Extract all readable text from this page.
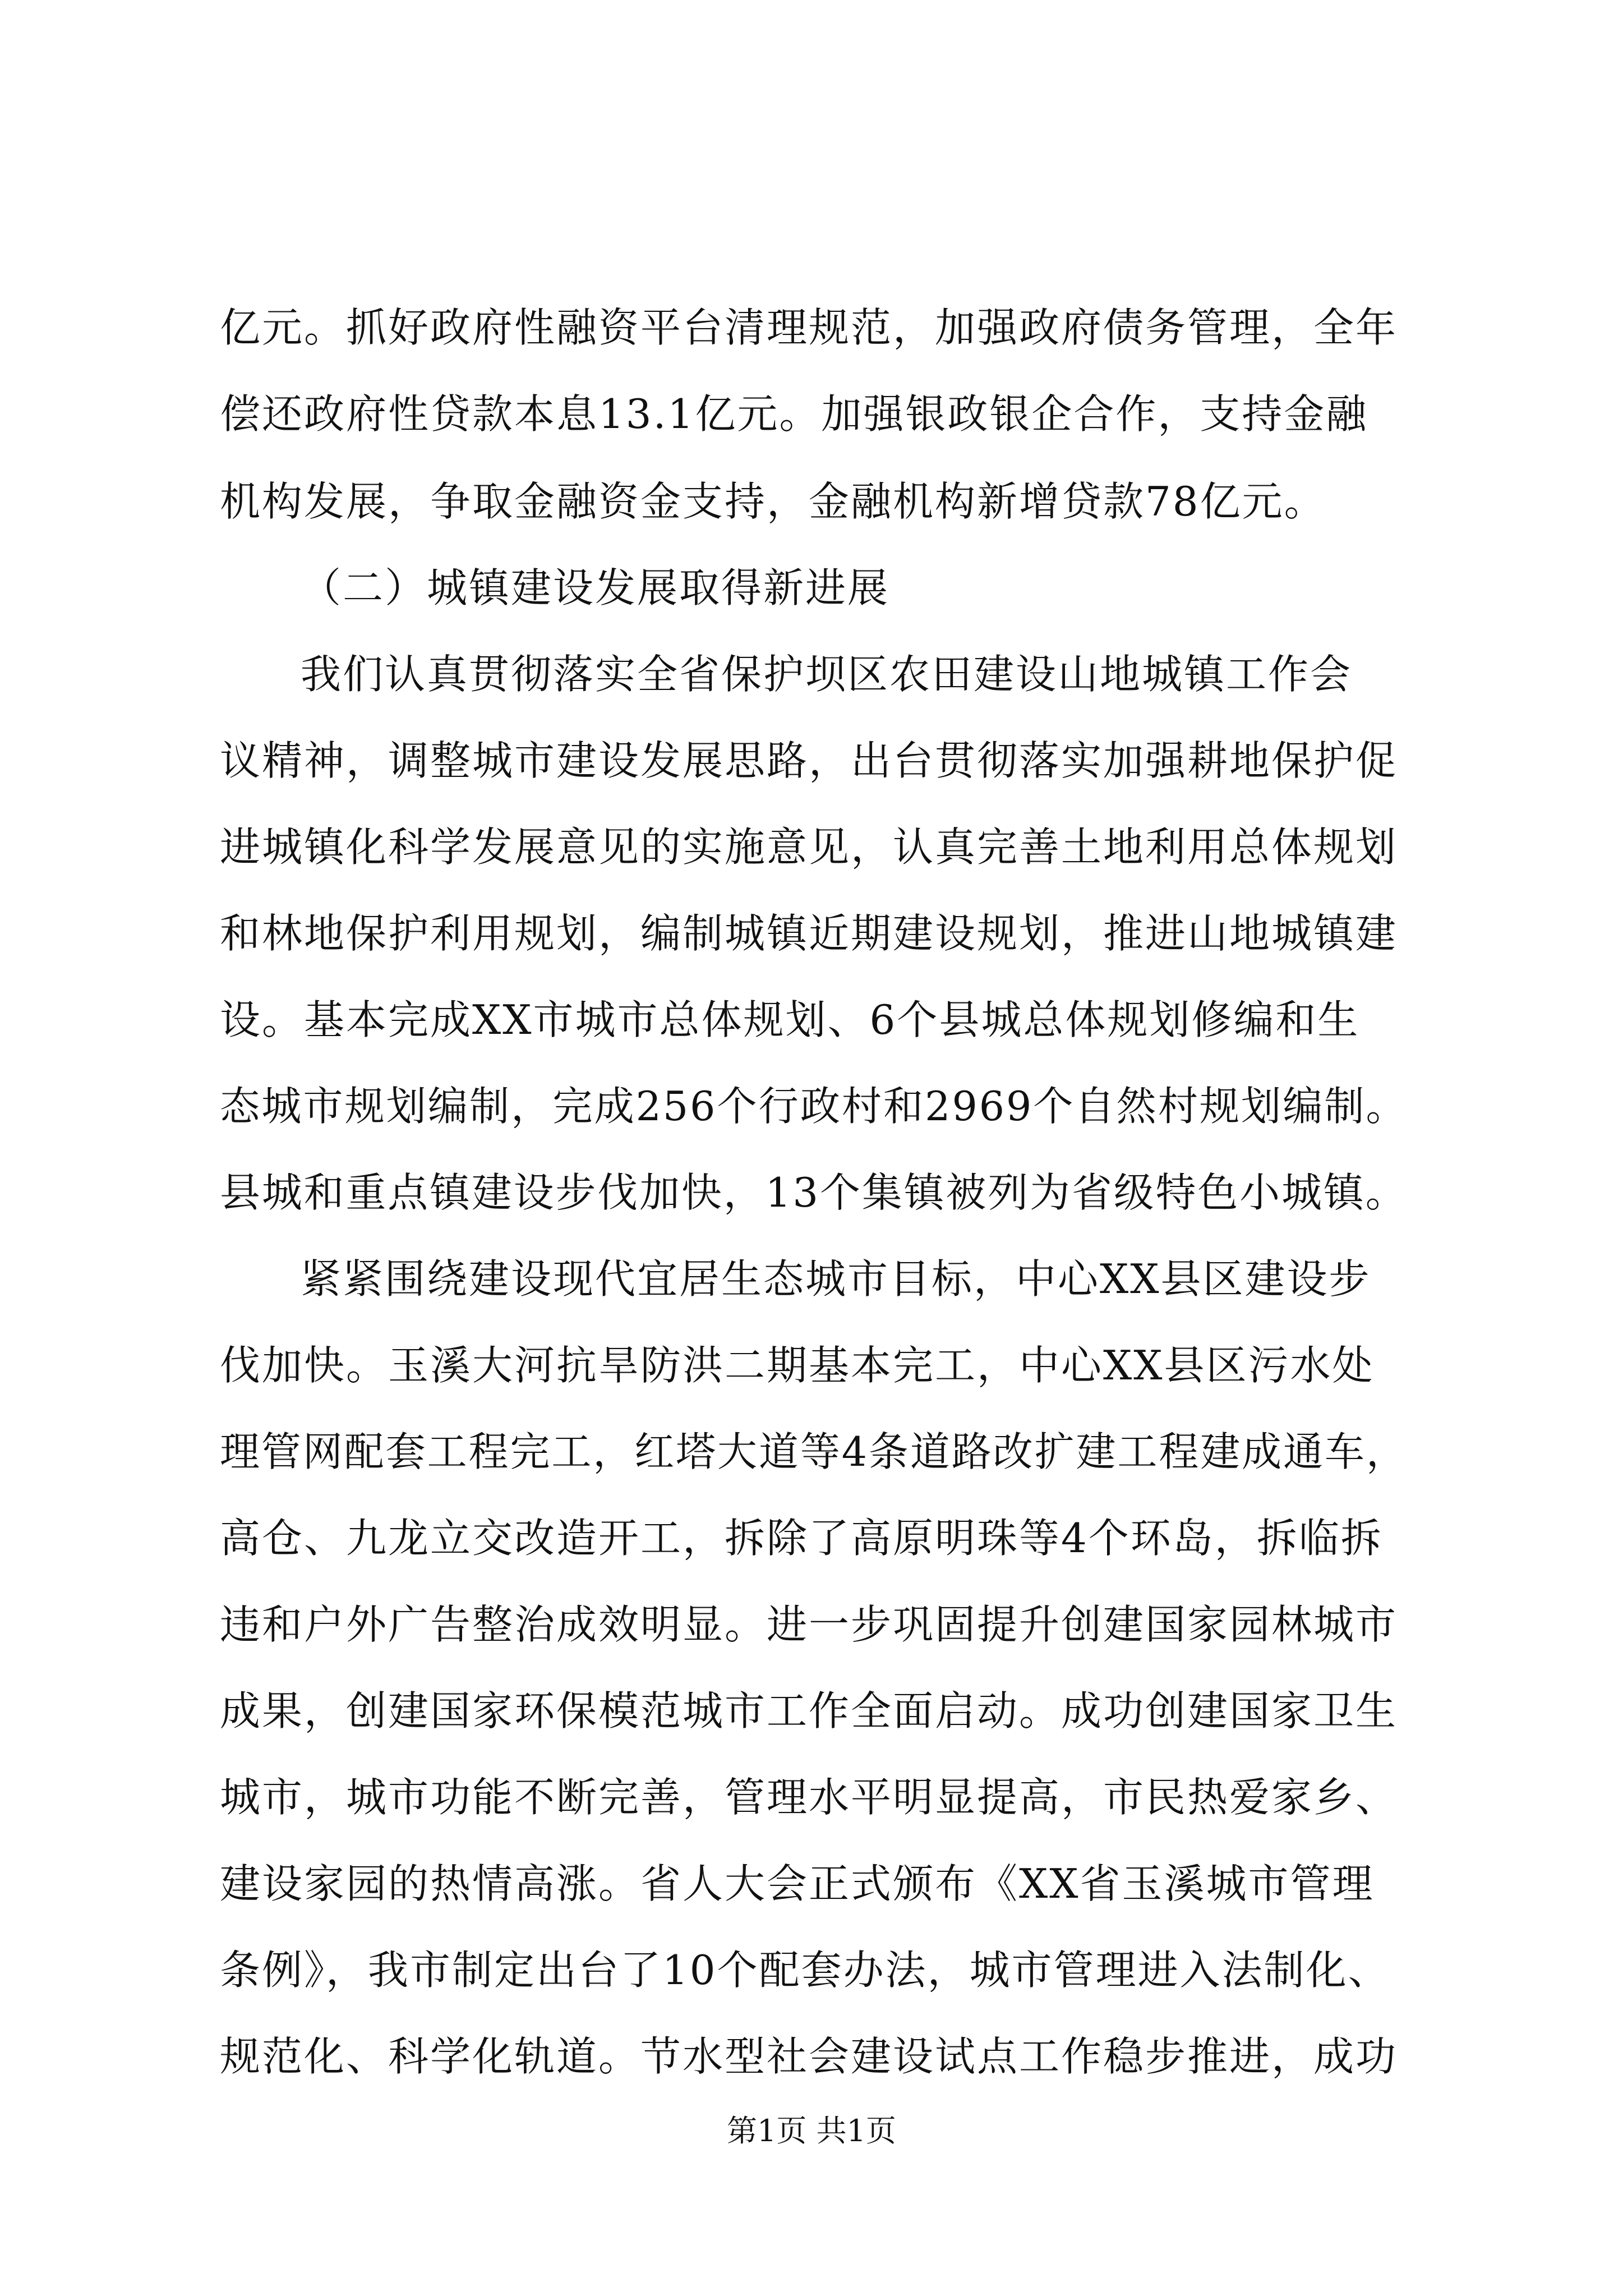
亿元。抓好政府性融资平台清理规范，加强政府债务管理，全年

偿还政府性贷款本息13.1亿元。加强银政银企合作，支持金融

机构发展，争取金融资金支持，金融机构新增贷款78亿元。

（二）城镇建设发展取得新进展

我们认真贯彻落实全省保护坝区农田建设山地城镇工作会

议精神，调整城市建设发展思路，出台贯彻落实加强耕地保护促

进城镇化科学发展意见的实施意见，认真完善土地利用总体规划

和林地保护利用规划，编制城镇近期建设规划，推进山地城镇建

设。基本完成XX市城市总体规划、6个县城总体规划修编和生

态城市规划编制，完成256个行政村和2969个自然村规划编制。

县城和重点镇建设步伐加快，13个集镇被列为省级特色小城镇。

紧紧围绕建设现代宜居生态城市目标，中心XX县区建设步

伐加快。玉溪大河抗旱防洪二期基本完工，中心XX县区污水处

理管网配套工程完工，红塔大道等4条道路改扩建工程建成通车，

高仓、九龙立交改造开工，拆除了高原明珠等4个环岛，拆临拆

违和户外广告整治成效明显。进一步巩固提升创建国家园林城市

成果，创建国家环保模范城市工作全面启动。成功创建国家卫生

城市，城市功能不断完善，管理水平明显提高，市民热爱家乡、

建设家园的热情高涨。省人大会正式颁布《XX省玉溪城市管理

条例》，我市制定出台了10个配套办法，城市管理进入法制化、

规范化、科学化轨道。节水型社会建设试点工作稳步推进，成功

第1页 共1页
